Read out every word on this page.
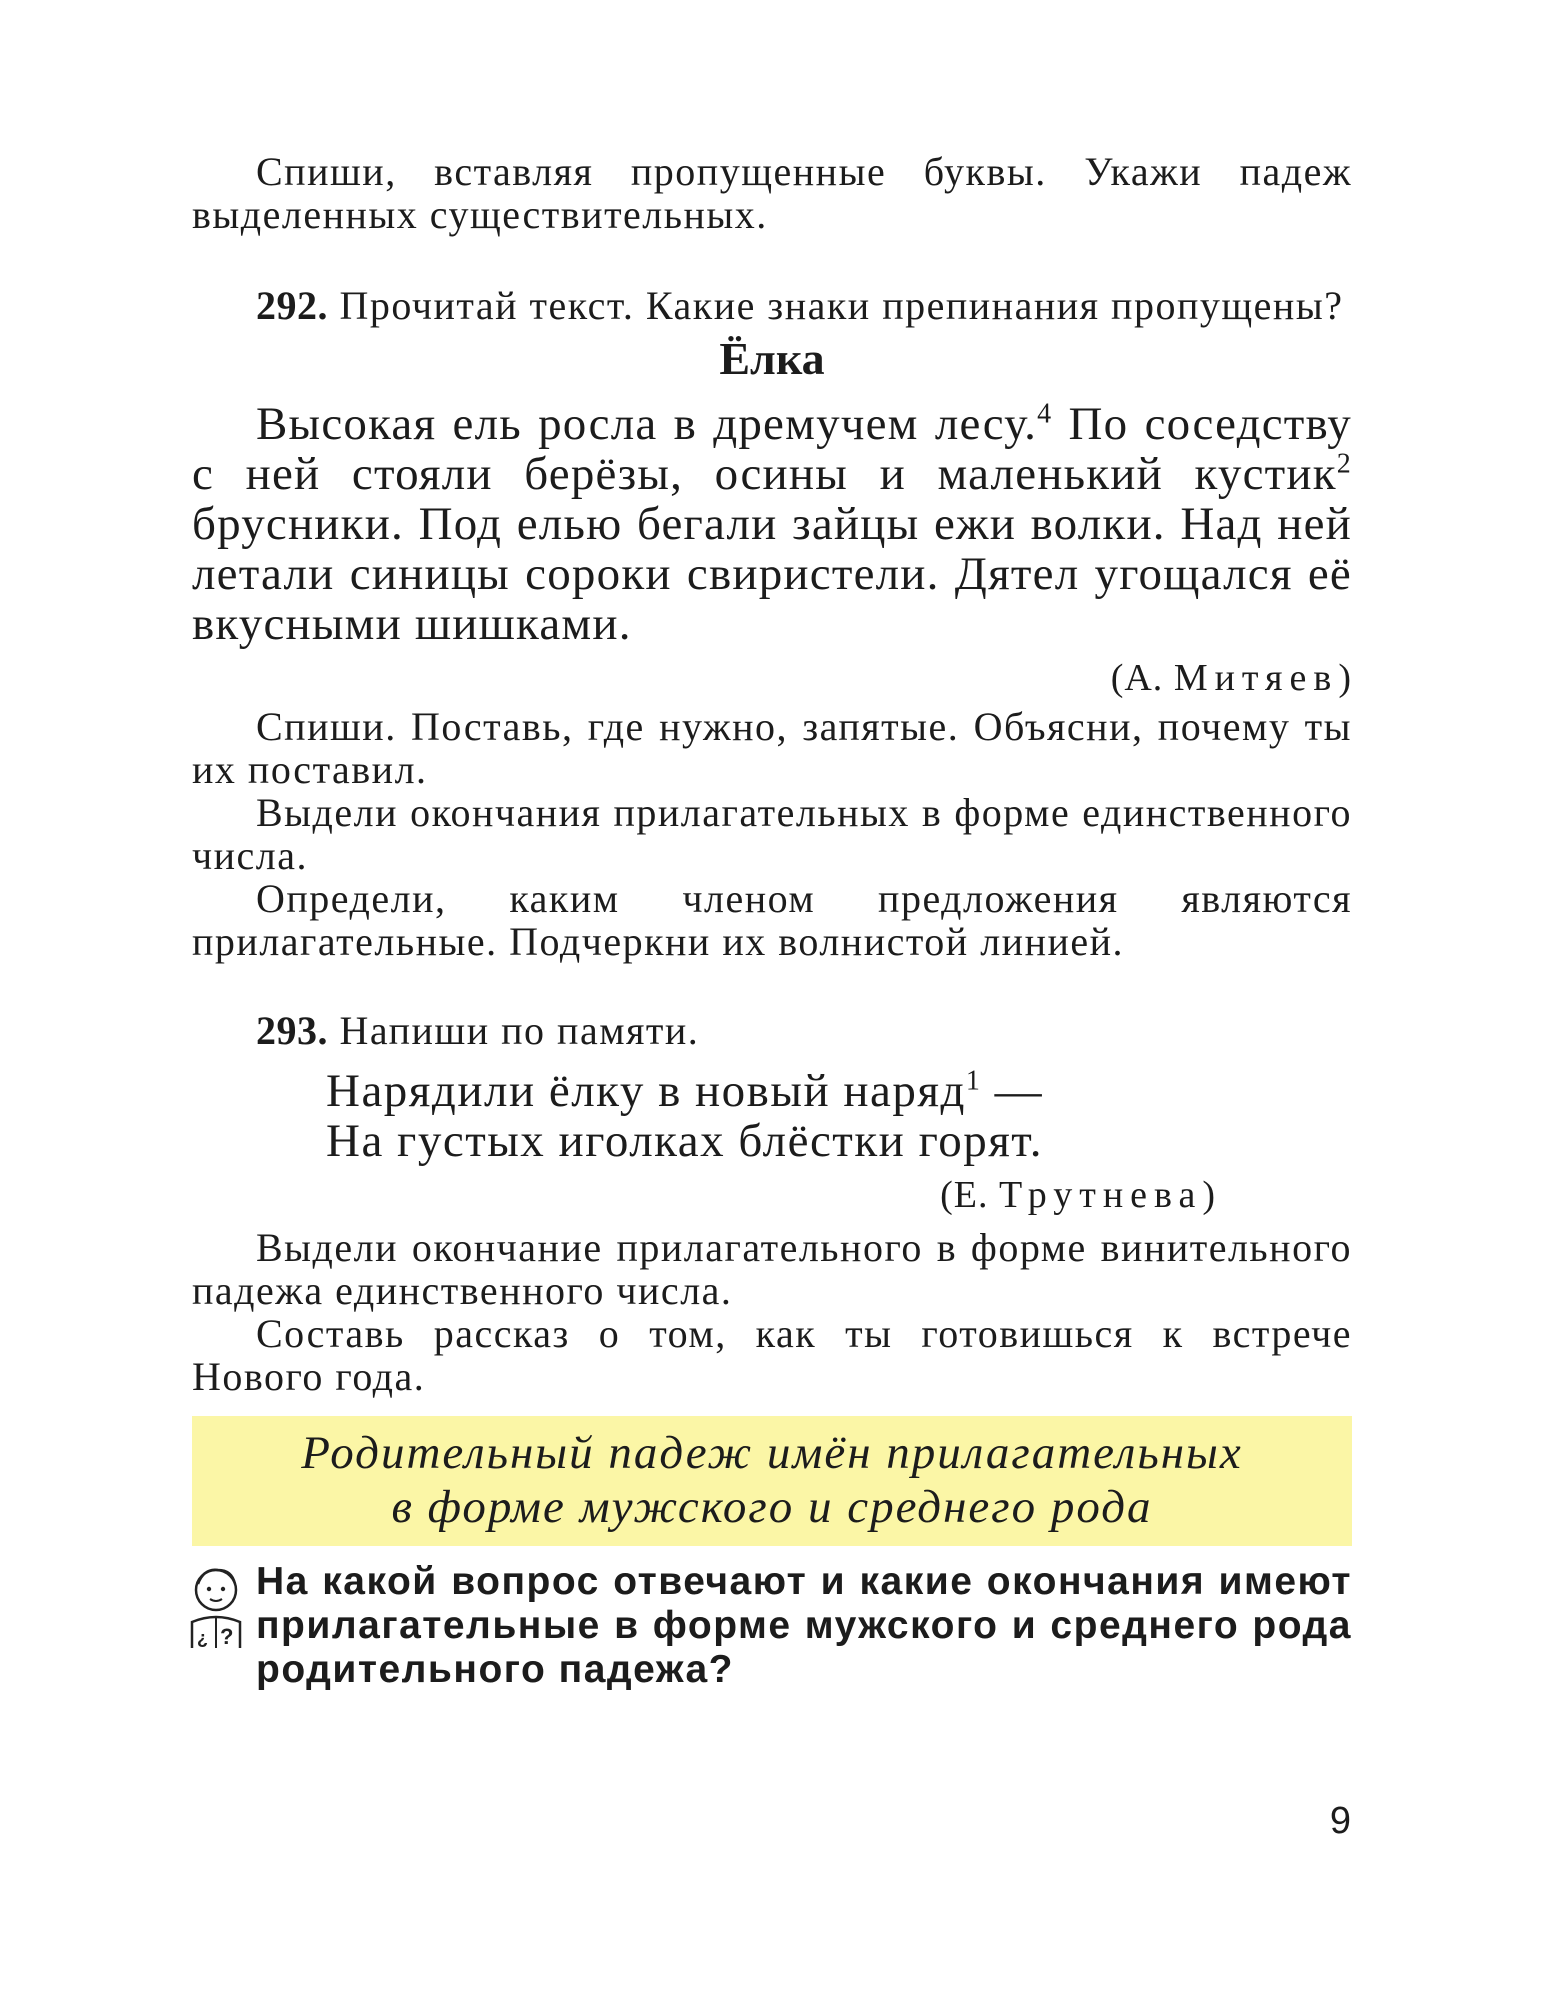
Спиши, вставляя пропущенные буквы. Укажи падеж выделенных существительных.

292. Прочитай текст. Какие знаки препинания пропущены?

Ёлка

Высокая ель росла в дремучем лесу.$^4$ По соседству с ней стояли берёзы, осины и маленький кустик$^2$ брусники. Под елью бегали зайцы ежи волки. Над ней летали синицы сороки свиристели. Дятел угощался её вкусными шишками.

(А. Митяев)

Спиши. Поставь, где нужно, запятые. Объясни, почему ты их поставил.

Выдели окончания прилагательных в форме единственного числа.

Определи, каким членом предложения являются прилагательные. Подчеркни их волнистой линией.

293. Напиши по памяти.

Нарядили ёлку в новый наряд$^1$ —
На густых иголках блёстки горят.
(Е. Трутнева)

Выдели окончание прилагательного в форме винительного падежа единственного числа.

Составь рассказ о том, как ты готовишься к встрече Нового года.

Родительный падеж имён прилагательных
в форме мужского и среднего рода
?
¿
На какой вопрос отвечают и какие окончания имеют прилагательные в форме мужского и среднего рода родительного падежа?
9
